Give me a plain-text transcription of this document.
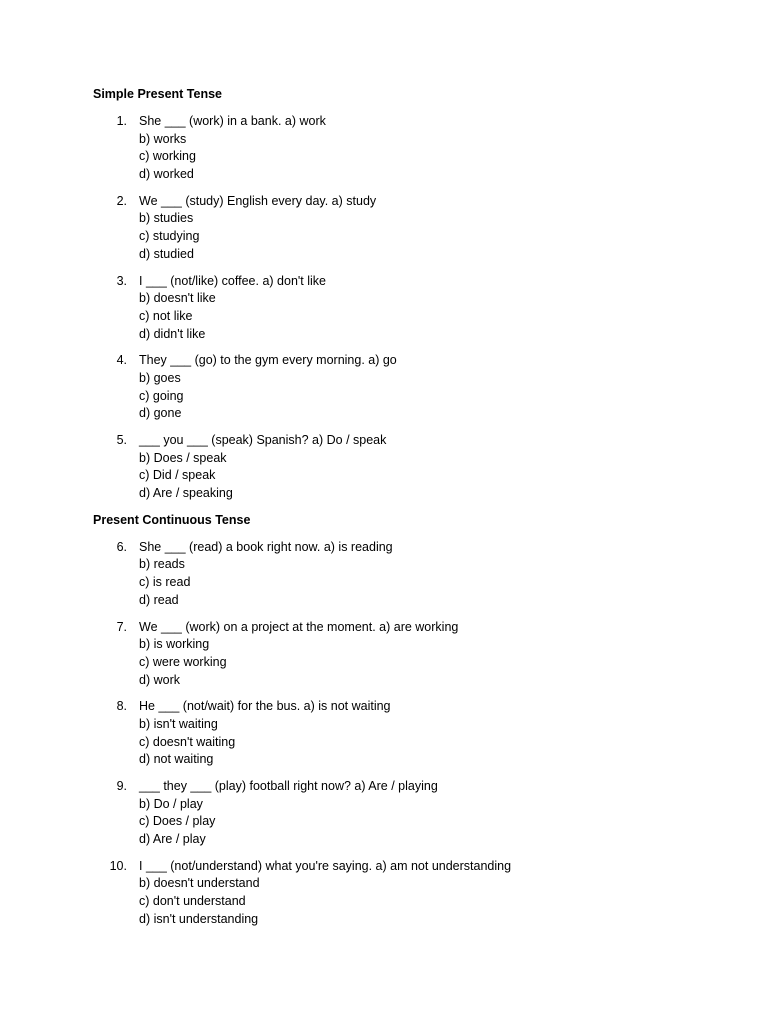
Simple Present Tense
1. She ___ (work) in a bank. a) work
b) works
c) working
d) worked
2. We ___ (study) English every day. a) study
b) studies
c) studying
d) studied
3. I ___ (not/like) coffee. a) don't like
b) doesn't like
c) not like
d) didn't like
4. They ___ (go) to the gym every morning. a) go
b) goes
c) going
d) gone
5. ___ you ___ (speak) Spanish? a) Do / speak
b) Does / speak
c) Did / speak
d) Are / speaking
Present Continuous Tense
6. She ___ (read) a book right now. a) is reading
b) reads
c) is read
d) read
7. We ___ (work) on a project at the moment. a) are working
b) is working
c) were working
d) work
8. He ___ (not/wait) for the bus. a) is not waiting
b) isn't waiting
c) doesn't waiting
d) not waiting
9. ___ they ___ (play) football right now? a) Are / playing
b) Do / play
c) Does / play
d) Are / play
10. I ___ (not/understand) what you're saying. a) am not understanding
b) doesn't understand
c) don't understand
d) isn't understanding
